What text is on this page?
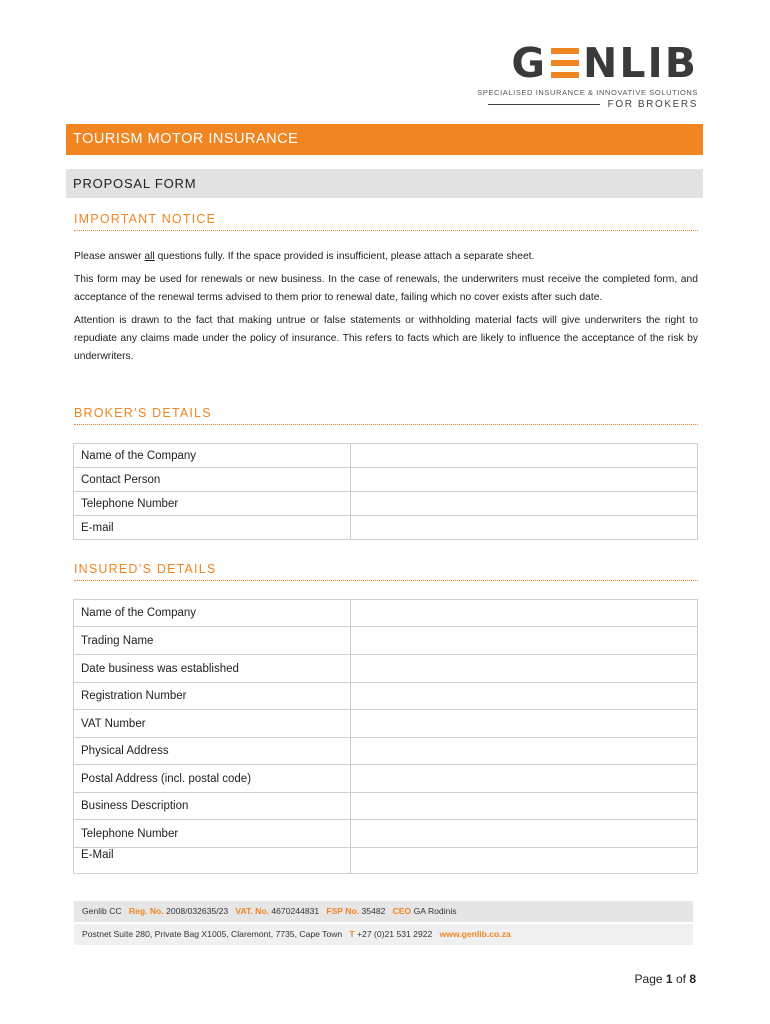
G NLIB
SPECIALISED INSURANCE & INNOVATIVE SOLUTIONS
FOR BROKERS
TOURISM MOTOR INSURANCE
PROPOSAL FORM
IMPORTANT NOTICE

Please answer all questions fully. If the space provided is insufficient, please attach a separate sheet.

This form may be used for renewals or new business. In the case of renewals, the underwriters must receive the completed form, and acceptance of the renewal terms advised to them prior to renewal date, failing which no cover exists after such date.

Attention is drawn to the fact that making untrue or false statements or withholding material facts will give underwriters the right to repudiate any claims made under the policy of insurance. This refers to facts which are likely to influence the acceptance of the risk by underwriters.

BROKER’S DETAILS
Name of the Company	
Contact Person	
Telephone Number	
E-mail	
INSURED’S DETAILS
Name of the Company	
Trading Name	
Date business was established	
Registration Number	
VAT Number	
Physical Address	
Postal Address (incl. postal code)	
Business Description	
Telephone Number	
E-Mail	
Genlib CC Reg. No. 2008/032635/23 VAT. No. 4670244831 FSP No. 35482 CEO GA Rodinis
Postnet Suite 280, Private Bag X1005, Claremont, 7735, Cape Town T +27 (0)21 531 2922 www.genlib.co.za
Page 1 of 8
